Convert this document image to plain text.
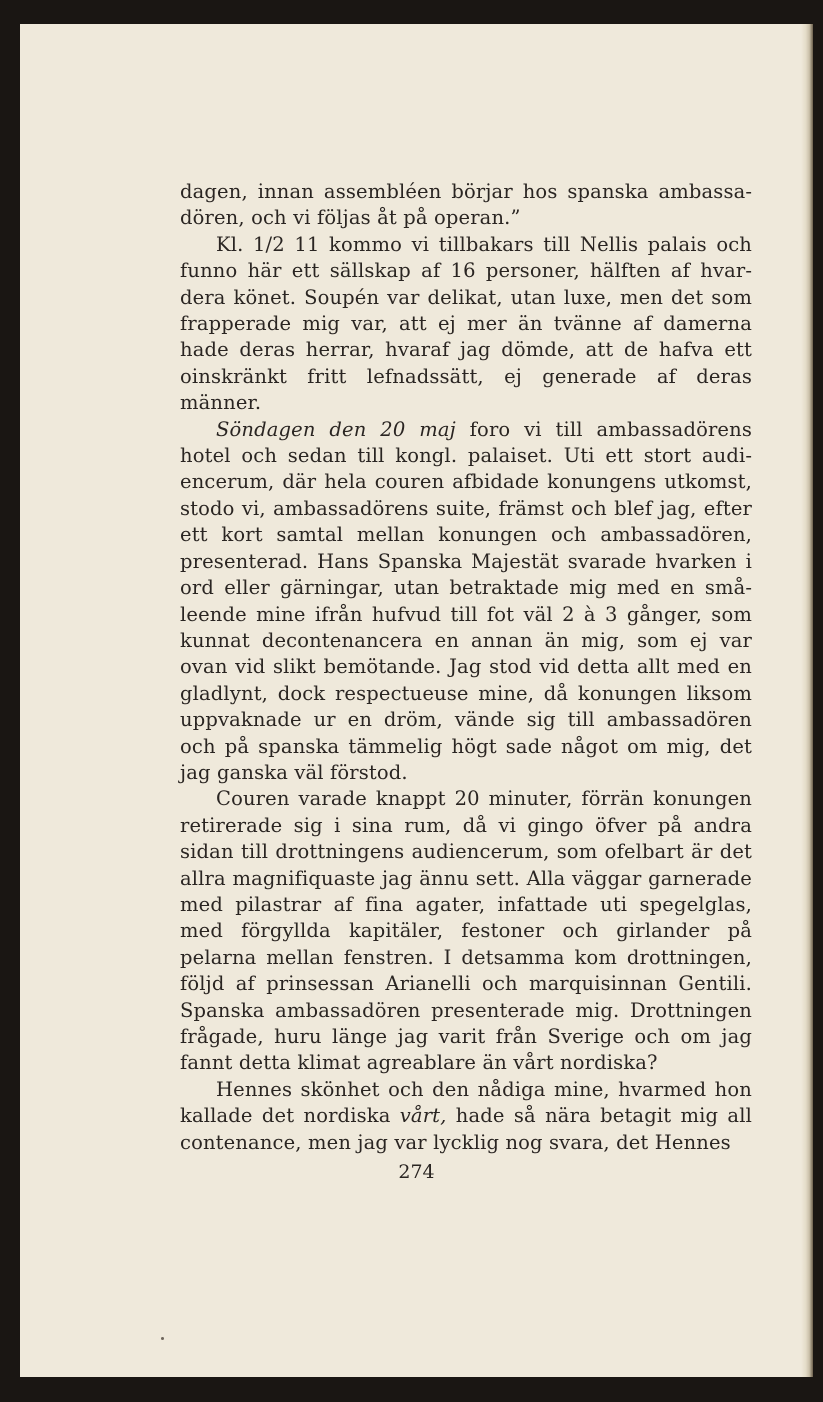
dagen, innan assembléen börjar hos spanska ambassadören, och vi följas åt på operan.”

Kl. 1/2 11 kommo vi tillbakars till Nellis palais och funno här ett sällskap af 16 personer, hälften af hvardera könet. Soupén var delikat, utan luxe, men det som frapperade mig var, att ej mer än tvänne af damerna hade deras herrar, hvaraf jag dömde, att de hafva ett oinskränkt fritt lefnadssätt, ej generade af deras männer.

Söndagen den 20 maj foro vi till ambassadörens hotel och sedan till kongl. palaiset. Uti ett stort audiencerum, där hela couren afbidade konungens utkomst, stodo vi, ambassadörens suite, främst och blef jag, efter ett kort samtal mellan konungen och ambassadören, presenterad. Hans Spanska Majestät svarade hvarken i ord eller gärningar, utan betraktade mig med en småleende mine ifrån hufvud till fot väl 2 à 3 gånger, som kunnat decontenancera en annan än mig, som ej var ovan vid slikt bemötande. Jag stod vid detta allt med en gladlynt, dock respectueuse mine, då konungen liksom uppvaknade ur en dröm, vände sig till ambassadören och på spanska tämmelig högt sade något om mig, det jag ganska väl förstod.

Couren varade knappt 20 minuter, förrän konungen retirerade sig i sina rum, då vi gingo öfver på andra sidan till drottningens audiencerum, som ofelbart är det allra magnifiquaste jag ännu sett. Alla väggar garnerade med pilastrar af fina agater, infattade uti spegelglas, med förgyllda kapitäler, festoner och girlander på pelarna mellan fenstren. I detsamma kom drottningen, följd af prinsessan Arianelli och marquisinnan Gentili. Spanska ambassadören presenterade mig. Drottningen frågade, huru länge jag varit från Sverige och om jag fannt detta klimat agreablare än vårt nordiska?

Hennes skönhet och den nådiga mine, hvarmed hon kallade det nordiska vårt, hade så nära betagit mig all contenance, men jag var lycklig nog svara, det Hennes

274
